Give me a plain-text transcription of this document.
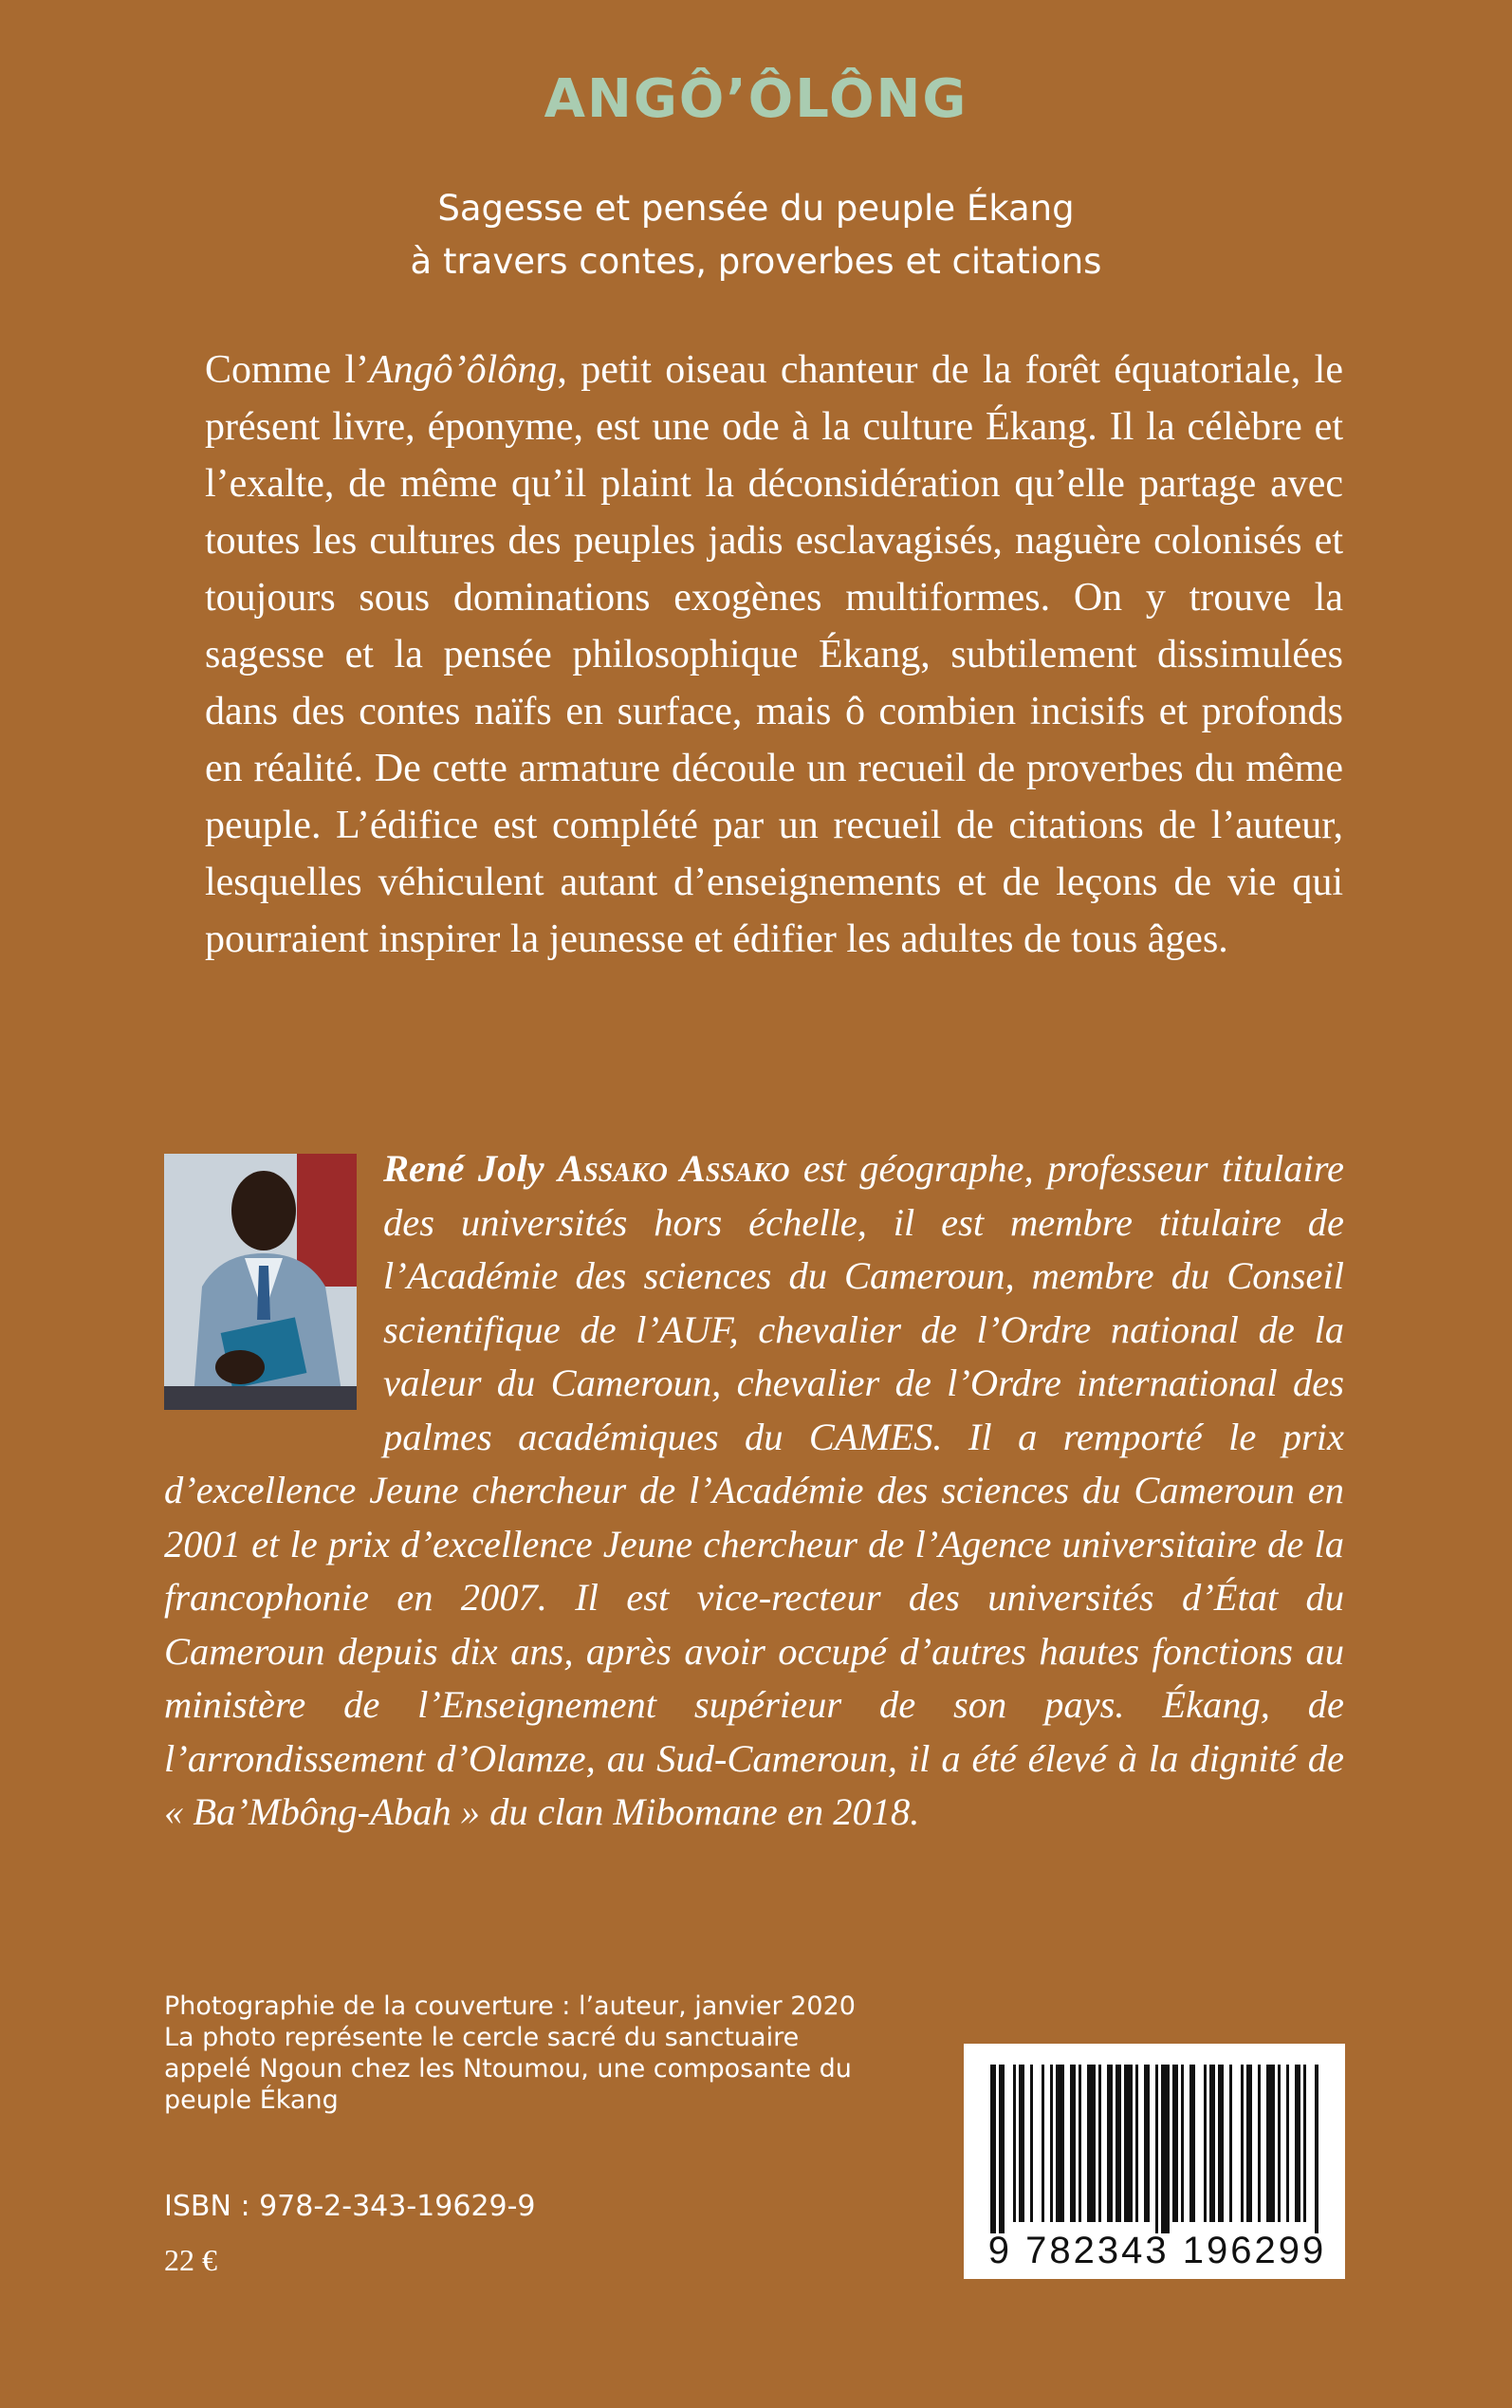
ANGÔ’ÔLÔNG
Sagesse et pensée du peuple Ékang
à travers contes, proverbes et citations

Comme l’Angô’ôlông, petit oiseau chanteur de la forêt équatoriale, le présent livre, éponyme, est une ode à la culture Ékang. Il la célèbre et l’exalte, de même qu’il plaint la déconsidération qu’elle partage avec toutes les cultures des peuples jadis esclavagisés, naguère colonisés et toujours sous dominations exogènes multiformes. On y trouve la sagesse et la pensée philosophique Ékang, subtilement dissimulées dans des contes naïfs en surface, mais ô combien incisifs et profonds en réalité. De cette armature découle un recueil de proverbes du même peuple. L’édifice est complété par un recueil de citations de l’auteur, lesquelles véhiculent autant d’enseignements et de leçons de vie qui pourraient inspirer la jeunesse et édifier les adultes de tous âges.

René Joly Assako Assako est géographe, professeur titulaire des universités hors échelle, il est membre titulaire de l’Académie des sciences du Cameroun, membre du Conseil scientifique de l’AUF, chevalier de l’Ordre national de la valeur du Cameroun, chevalier de l’Ordre international des palmes académiques du CAMES. Il a remporté le prix d’excellence Jeune chercheur de l’Académie des sciences du Cameroun en 2001 et le prix d’excellence Jeune chercheur de l’Agence universitaire de la francophonie en 2007. Il est vice-recteur des universités d’État du Cameroun depuis dix ans, après avoir occupé d’autres hautes fonctions au ministère de l’Enseignement supérieur de son pays. Ékang, de l’arrondissement d’Olamze, au Sud-Cameroun, il a été élevé à la dignité de « Ba’Mbông-Abah » du clan Mibomane en 2018.

Photographie de la couverture : l’auteur, janvier 2020
La photo représente le cercle sacré du sanctuaire
appelé Ngoun chez les Ntoumou, une composante du
peuple Ékang
ISBN : 978-2-343-19629-9
22 €	9 782343 196299
